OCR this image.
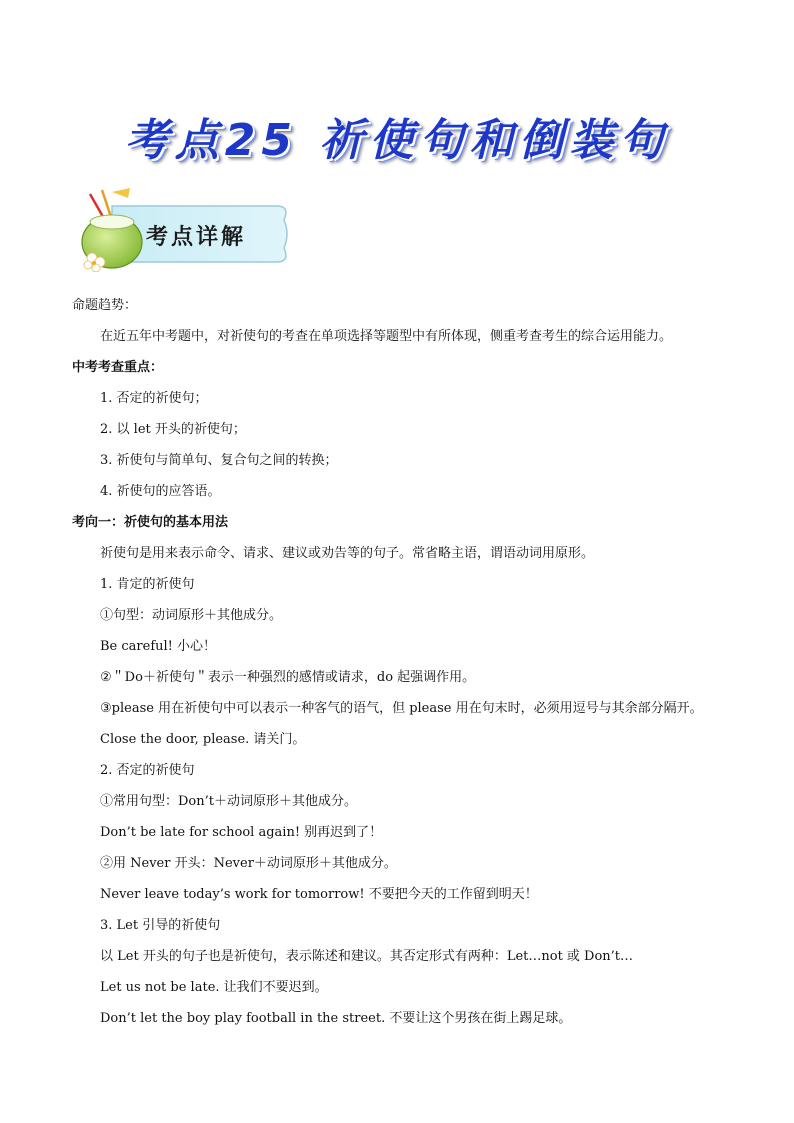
考点25 祈使句和倒装句
考点详解
命题趋势：
在近五年中考题中，对祈使句的考查在单项选择等题型中有所体现，侧重考查考生的综合运用能力。
中考考查重点：
1. 否定的祈使句；
2. 以 let 开头的祈使句；
3. 祈使句与简单句、复合句之间的转换；
4. 祈使句的应答语。
考向一：祈使句的基本用法
祈使句是用来表示命令、请求、建议或劝告等的句子。常省略主语，谓语动词用原形。
1. 肯定的祈使句
①句型：动词原形＋其他成分。
Be careful! 小心！
②＂Do＋祈使句＂表示一种强烈的感情或请求，do 起强调作用。
③please 用在祈使句中可以表示一种客气的语气，但 please 用在句末时，必须用逗号与其余部分隔开。
Close the door, please. 请关门。
2. 否定的祈使句
①常用句型：Don’t＋动词原形＋其他成分。
Don’t be late for school again! 别再迟到了！
②用 Never 开头：Never＋动词原形＋其他成分。
Never leave today’s work for tomorrow! 不要把今天的工作留到明天！
3. Let 引导的祈使句
以 Let 开头的句子也是祈使句，表示陈述和建议。其否定形式有两种：Let…not 或 Don’t…
Let us not be late. 让我们不要迟到。
Don’t let the boy play football in the street. 不要让这个男孩在街上踢足球。
